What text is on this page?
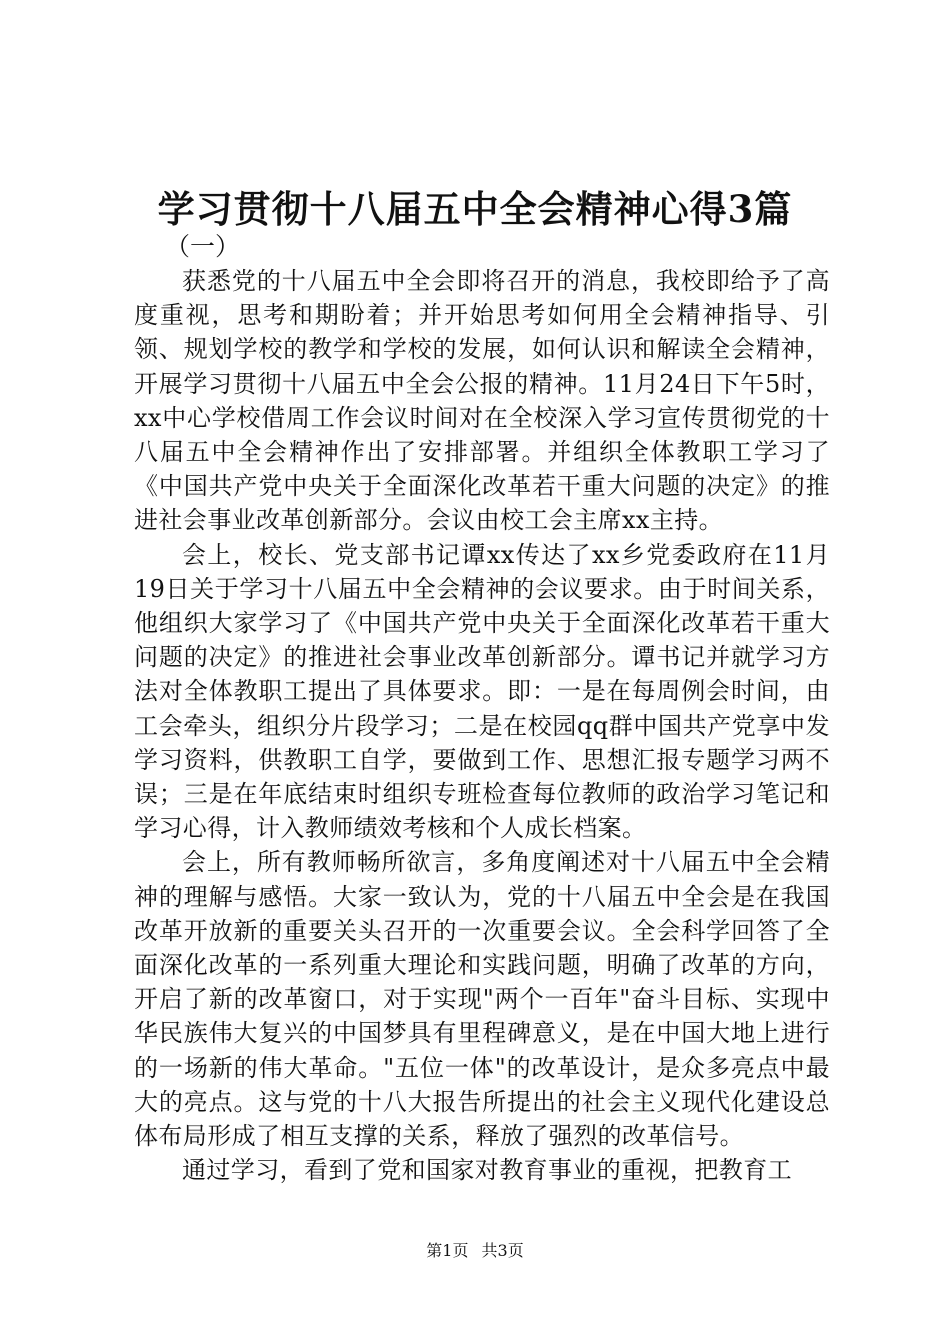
学习贯彻十八届五中全会精神心得3篇
（一）

获悉党的十八届五中全会即将召开的消息，我校即给予了高度重视，思考和期盼着；并开始思考如何用全会精神指导、引领、规划学校的教学和学校的发展，如何认识和解读全会精神，开展学习贯彻十八届五中全会公报的精神。11月24日下午5时，xx中心学校借周工作会议时间对在全校深入学习宣传贯彻党的十八届五中全会精神作出了安排部署。并组织全体教职工学习了《中国共产党中央关于全面深化改革若干重大问题的决定》的推进社会事业改革创新部分。会议由校工会主席xx主持。

会上，校长、党支部书记谭xx传达了xx乡党委政府在11月19日关于学习十八届五中全会精神的会议要求。由于时间关系，他组织大家学习了《中国共产党中央关于全面深化改革若干重大问题的决定》的推进社会事业改革创新部分。谭书记并就学习方法对全体教职工提出了具体要求。即：一是在每周例会时间，由工会牵头，组织分片段学习；二是在校园qq群中国共产党享中发学习资料，供教职工自学，要做到工作、思想汇报专题学习两不误；三是在年底结束时组织专班检查每位教师的政治学习笔记和学习心得，计入教师绩效考核和个人成长档案。

会上，所有教师畅所欲言，多角度阐述对十八届五中全会精神的理解与感悟。大家一致认为，党的十八届五中全会是在我国改革开放新的重要关头召开的一次重要会议。全会科学回答了全面深化改革的一系列重大理论和实践问题，明确了改革的方向，开启了新的改革窗口，对于实现"两个一百年"奋斗目标、实现中华民族伟大复兴的中国梦具有里程碑意义，是在中国大地上进行的一场新的伟大革命。"五位一体"的改革设计，是众多亮点中最大的亮点。这与党的十八大报告所提出的社会主义现代化建设总体布局形成了相互支撑的关系，释放了强烈的改革信号。

通过学习，看到了党和国家对教育事业的重视，把教育工

第1页 共3页
